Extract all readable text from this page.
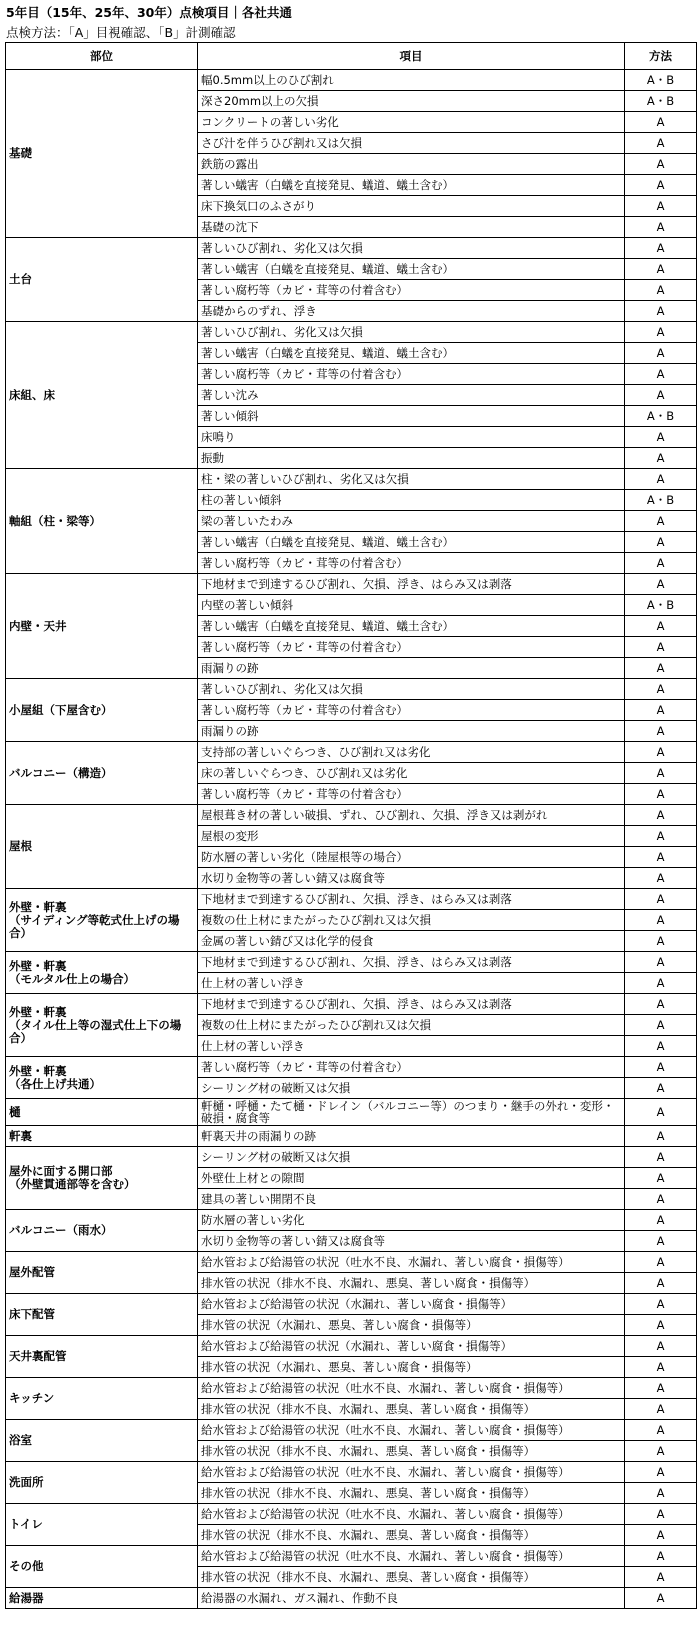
5年目（15年、25年、30年）点検項目｜各社共通
点検方法：「A」目視確認、「B」計測確認
部位	項目	方法

基礎	幅0.5mm以上のひび割れ	A・B
	深さ20mm以上の欠損	A・B
	コンクリートの著しい劣化	A
	さび汁を伴うひび割れ又は欠損	A
	鉄筋の露出	A
	著しい蟻害（白蟻を直接発見、蟻道、蟻土含む）	A
	床下換気口のふさがり	A
	基礎の沈下	A

土台	著しいひび割れ、劣化又は欠損	A
	著しい蟻害（白蟻を直接発見、蟻道、蟻土含む）	A
	著しい腐朽等（カビ・茸等の付着含む）	A
	基礎からのずれ、浮き	A

床組、床	著しいひび割れ、劣化又は欠損	A
	著しい蟻害（白蟻を直接発見、蟻道、蟻土含む）	A
	著しい腐朽等（カビ・茸等の付着含む）	A
	著しい沈み	A
	著しい傾斜	A・B
	床鳴り	A
	振動	A

軸組（柱・梁等）	柱・梁の著しいひび割れ、劣化又は欠損	A
	柱の著しい傾斜	A・B
	梁の著しいたわみ	A
	著しい蟻害（白蟻を直接発見、蟻道、蟻土含む）	A
	著しい腐朽等（カビ・茸等の付着含む）	A

内壁・天井	下地材まで到達するひび割れ、欠損、浮き、はらみ又は剥落	A
	内壁の著しい傾斜	A・B
	著しい蟻害（白蟻を直接発見、蟻道、蟻土含む）	A
	著しい腐朽等（カビ・茸等の付着含む）	A
	雨漏りの跡	A

小屋組（下屋含む）	著しいひび割れ、劣化又は欠損	A
	著しい腐朽等（カビ・茸等の付着含む）	A
	雨漏りの跡	A

バルコニー（構造）	支持部の著しいぐらつき、ひび割れ又は劣化	A
	床の著しいぐらつき、ひび割れ又は劣化	A
	著しい腐朽等（カビ・茸等の付着含む）	A

屋根	屋根葺き材の著しい破損、ずれ、ひび割れ、欠損、浮き又は剥がれ	A
	屋根の変形	A
	防水層の著しい劣化（陸屋根等の場合）	A
	水切り金物等の著しい錆又は腐食等	A

外壁・軒裏
（サイディング等乾式仕上げの場
合）	下地材まで到達するひび割れ、欠損、浮き、はらみ又は剥落	A
	複数の仕上材にまたがったひび割れ又は欠損	A
	金属の著しい錆び又は化学的侵食	A

外壁・軒裏
（モルタル仕上の場合）	下地材まで到達するひび割れ、欠損、浮き、はらみ又は剥落	A
	仕上材の著しい浮き	A

外壁・軒裏
（タイル仕上等の湿式仕上下の場
合）	下地材まで到達するひび割れ、欠損、浮き、はらみ又は剥落	A
	複数の仕上材にまたがったひび割れ又は欠損	A
	仕上材の著しい浮き	A

外壁・軒裏
（各仕上げ共通）	著しい腐朽等（カビ・茸等の付着含む）	A
	シーリング材の破断又は欠損	A

樋	軒樋・呼樋・たて樋・ドレイン（バルコニー等）のつまり・継手の外れ・変形・破損・腐食等	A

軒裏	軒裏天井の雨漏りの跡	A

屋外に面する開口部
（外壁貫通部等を含む）	シーリング材の破断又は欠損	A
	外壁仕上材との隙間	A
	建具の著しい開閉不良	A

バルコニー（雨水）	防水層の著しい劣化	A
	水切り金物等の著しい錆又は腐食等	A

屋外配管	給水管および給湯管の状況（吐水不良、水漏れ、著しい腐食・損傷等）	A
	排水管の状況（排水不良、水漏れ、悪臭、著しい腐食・損傷等）	A

床下配管	給水管および給湯管の状況（水漏れ、著しい腐食・損傷等）	A
	排水管の状況（水漏れ、悪臭、著しい腐食・損傷等）	A

天井裏配管	給水管および給湯管の状況（水漏れ、著しい腐食・損傷等）	A
	排水管の状況（水漏れ、悪臭、著しい腐食・損傷等）	A

キッチン	給水管および給湯管の状況（吐水不良、水漏れ、著しい腐食・損傷等）	A
	排水管の状況（排水不良、水漏れ、悪臭、著しい腐食・損傷等）	A

浴室	給水管および給湯管の状況（吐水不良、水漏れ、著しい腐食・損傷等）	A
	排水管の状況（排水不良、水漏れ、悪臭、著しい腐食・損傷等）	A

洗面所	給水管および給湯管の状況（吐水不良、水漏れ、著しい腐食・損傷等）	A
	排水管の状況（排水不良、水漏れ、悪臭、著しい腐食・損傷等）	A

トイレ	給水管および給湯管の状況（吐水不良、水漏れ、著しい腐食・損傷等）	A
	排水管の状況（排水不良、水漏れ、悪臭、著しい腐食・損傷等）	A

その他	給水管および給湯管の状況（吐水不良、水漏れ、著しい腐食・損傷等）	A
	排水管の状況（排水不良、水漏れ、悪臭、著しい腐食・損傷等）	A

給湯器	給湯器の水漏れ、ガス漏れ、作動不良	A
